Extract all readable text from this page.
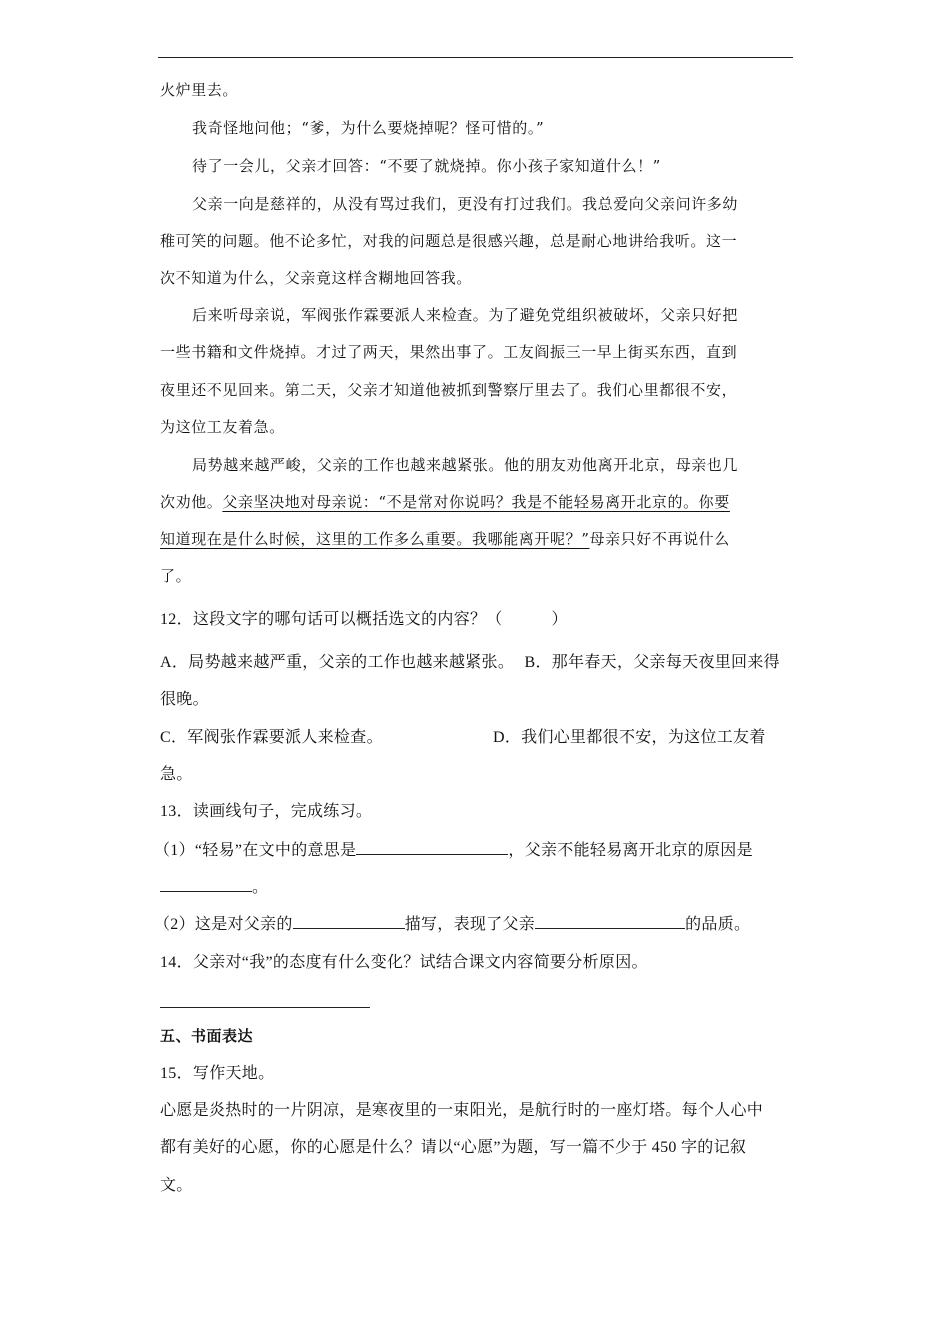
火炉里去。
我奇怪地问他；“爹，为什么要烧掉呢？怪可惜的。”
待了一会儿，父亲才回答：“不要了就烧掉。你小孩子家知道什么！”
父亲一向是慈祥的，从没有骂过我们，更没有打过我们。我总爱向父亲问许多幼
稚可笑的问题。他不论多忙，对我的问题总是很感兴趣，总是耐心地讲给我听。这一
次不知道为什么，父亲竟这样含糊地回答我。
后来听母亲说，军阀张作霖要派人来检查。为了避免党组织被破坏，父亲只好把
一些书籍和文件烧掉。才过了两天，果然出事了。工友阎振三一早上街买东西，直到
夜里还不见回来。第二天，父亲才知道他被抓到警察厅里去了。我们心里都很不安，
为这位工友着急。
局势越来越严峻，父亲的工作也越来越紧张。他的朋友劝他离开北京，母亲也几
次劝他。父亲坚决地对母亲说：“不是常对你说吗？我是不能轻易离开北京的。你要
知道现在是什么时候，这里的工作多么重要。我哪能离开呢？”母亲只好不再说什么
了。
12．这段文字的哪句话可以概括选文的内容？（　　　）
A．局势越来越严重，父亲的工作也越来越紧张。 B．那年春天，父亲每天夜里回来得
很晚。
C．军阀张作霖要派人来检查。	D．我们心里都很不安，为这位工友着
急。
13．读画线句子，完成练习。
（1）“轻易”在文中的意思是	，父亲不能轻易离开北京的原因是
。
（2）这是对父亲的	描写，表现了父亲	的品质。
14．父亲对“我”的态度有什么变化？试结合课文内容简要分析原因。
五、书面表达
15．写作天地。
心愿是炎热时的一片阴凉，是寒夜里的一束阳光，是航行时的一座灯塔。每个人心中
都有美好的心愿，你的心愿是什么？请以“心愿”为题，写一篇不少于 450 字的记叙
文。
